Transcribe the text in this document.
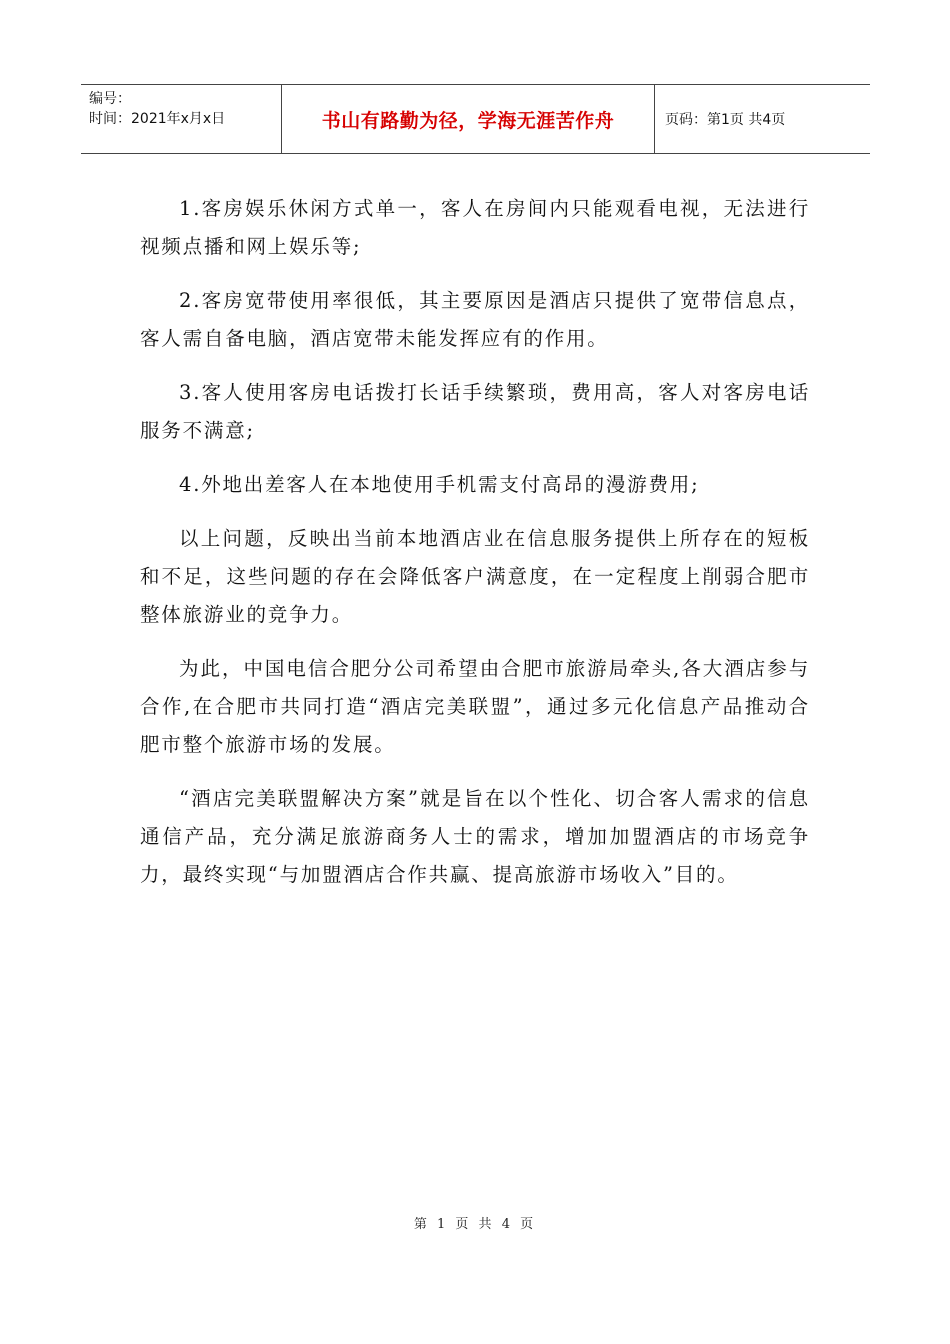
编号：
时间：2021年x月x日	书山有路勤为径，学海无涯苦作舟	页码：第1页 共4页

1.客房娱乐休闲方式单一，客人在房间内只能观看电视，无法进行视频点播和网上娱乐等;

2.客房宽带使用率很低，其主要原因是酒店只提供了宽带信息点，客人需自备电脑，酒店宽带未能发挥应有的作用。

3.客人使用客房电话拨打长话手续繁琐，费用高，客人对客房电话服务不满意;

4.外地出差客人在本地使用手机需支付高昂的漫游费用;

以上问题，反映出当前本地酒店业在信息服务提供上所存在的短板和不足，这些问题的存在会降低客户满意度，在一定程度上削弱合肥市整体旅游业的竞争力。

为此，中国电信合肥分公司希望由合肥市旅游局牵头,各大酒店参与合作,在合肥市共同打造“酒店完美联盟”，通过多元化信息产品推动合肥市整个旅游市场的发展。

“酒店完美联盟解决方案”就是旨在以个性化、切合客人需求的信息通信产品，充分满足旅游商务人士的需求，增加加盟酒店的市场竞争力，最终实现“与加盟酒店合作共赢、提高旅游市场收入”目的。

第 1 页 共 4 页
